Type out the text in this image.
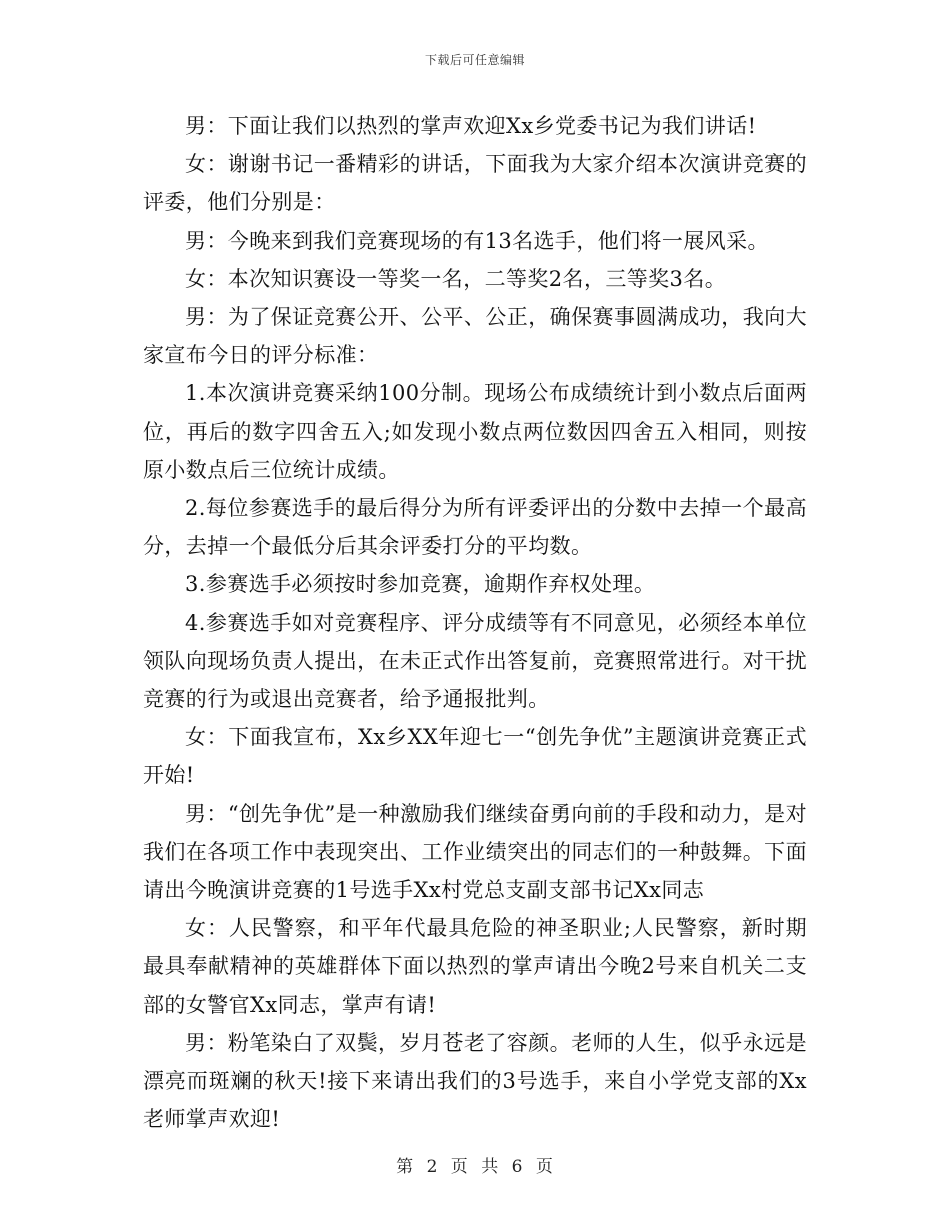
下载后可任意编辑

男：下面让我们以热烈的掌声欢迎Xx乡党委书记为我们讲话!

女：谢谢书记一番精彩的讲话，下面我为大家介绍本次演讲竞赛的评委，他们分别是：

男：今晚来到我们竞赛现场的有13名选手，他们将一展风采。

女：本次知识赛设一等奖一名，二等奖2名，三等奖3名。

男：为了保证竞赛公开、公平、公正，确保赛事圆满成功，我向大家宣布今日的评分标准：

1.本次演讲竞赛采纳100分制。现场公布成绩统计到小数点后面两位，再后的数字四舍五入;如发现小数点两位数因四舍五入相同，则按原小数点后三位统计成绩。

2.每位参赛选手的最后得分为所有评委评出的分数中去掉一个最高分，去掉一个最低分后其余评委打分的平均数。

3.参赛选手必须按时参加竞赛，逾期作弃权处理。

4.参赛选手如对竞赛程序、评分成绩等有不同意见，必须经本单位领队向现场负责人提出，在未正式作出答复前，竞赛照常进行。对干扰竞赛的行为或退出竞赛者，给予通报批判。

女：下面我宣布，Xx乡XX年迎七一“创先争优”主题演讲竞赛正式开始!

男：“创先争优”是一种激励我们继续奋勇向前的手段和动力，是对我们在各项工作中表现突出、工作业绩突出的同志们的一种鼓舞。下面请出今晚演讲竞赛的1号选手Xx村党总支副支部书记Xx同志

女：人民警察，和平年代最具危险的神圣职业;人民警察，新时期最具奉献精神的英雄群体下面以热烈的掌声请出今晚2号来自机关二支部的女警官Xx同志，掌声有请!

男：粉笔染白了双鬓，岁月苍老了容颜。老师的人生，似乎永远是漂亮而斑斓的秋天!接下来请出我们的3号选手，来自小学党支部的Xx老师掌声欢迎!

第 2 页 共 6 页
